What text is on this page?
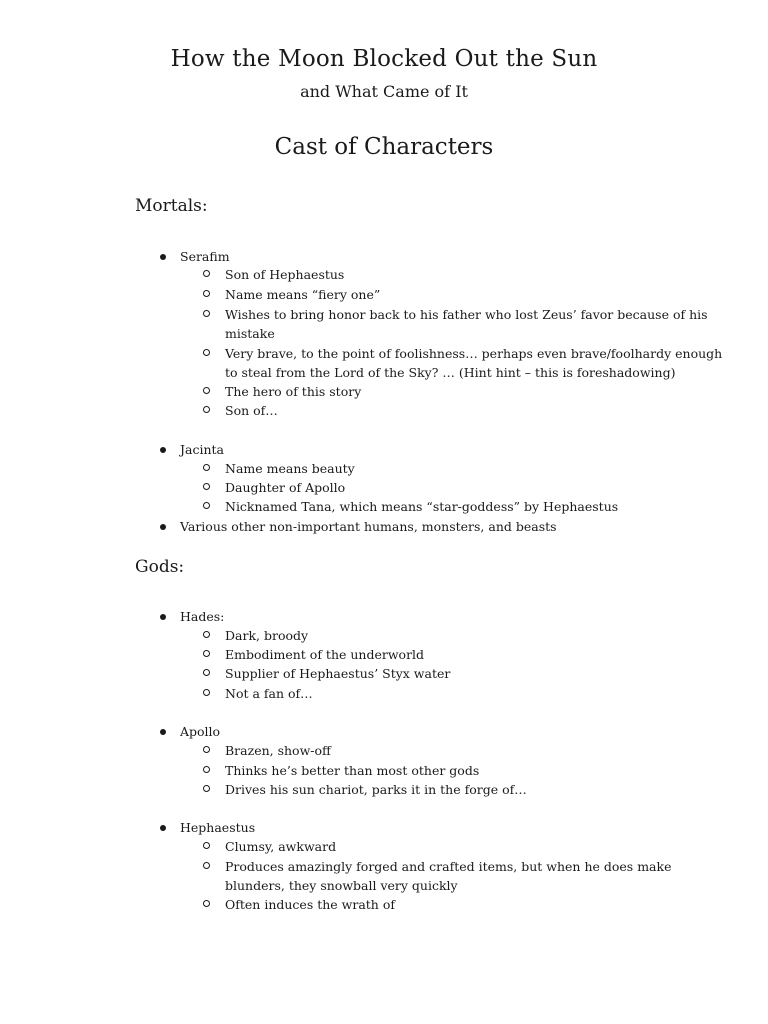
How the Moon Blocked Out the Sun
and What Came of It
Cast of Characters
Mortals:
Serafim
Son of Hephaestus
Name means “fiery one”
Wishes to bring honor back to his father who lost Zeus’ favor because of his
mistake
Very brave, to the point of foolishness… perhaps even brave/foolhardy enough
to steal from the Lord of the Sky? … (Hint hint – this is foreshadowing)
The hero of this story
Son of…
Jacinta
Name means beauty
Daughter of Apollo
Nicknamed Tana, which means “star-goddess” by Hephaestus
Various other non-important humans, monsters, and beasts
Gods:
Hades:
Dark, broody
Embodiment of the underworld
Supplier of Hephaestus’ Styx water
Not a fan of…
Apollo
Brazen, show-off
Thinks he’s better than most other gods
Drives his sun chariot, parks it in the forge of…
Hephaestus
Clumsy, awkward
Produces amazingly forged and crafted items, but when he does make
blunders, they snowball very quickly
Often induces the wrath of
